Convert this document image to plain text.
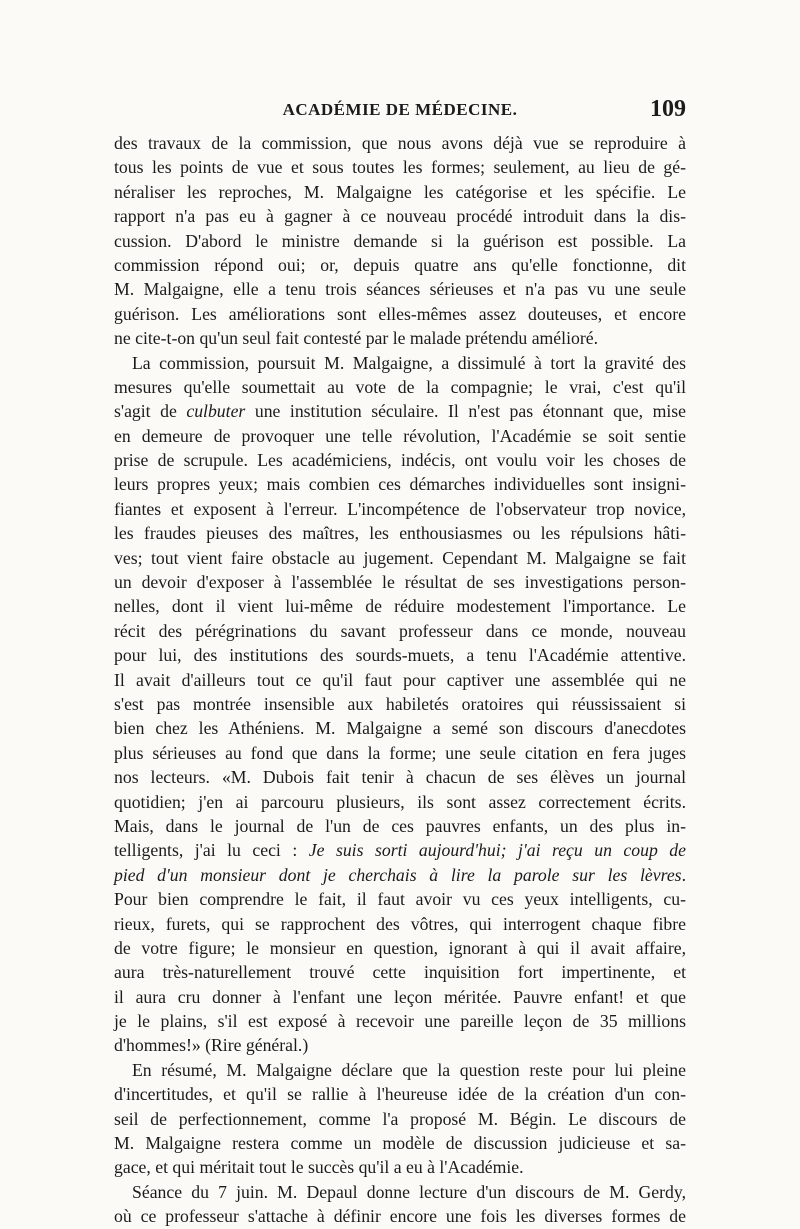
ACADÉMIE DE MÉDECINE.	109
des travaux de la commission, que nous avons déjà vue se reproduire à
tous les points de vue et sous toutes les formes; seulement, au lieu de gé-
néraliser les reproches, M. Malgaigne les catégorise et les spécifie. Le
rapport n'a pas eu à gagner à ce nouveau procédé introduit dans la dis-
cussion. D'abord le ministre demande si la guérison est possible. La
commission répond oui; or, depuis quatre ans qu'elle fonctionne, dit
M. Malgaigne, elle a tenu trois séances sérieuses et n'a pas vu une seule
guérison. Les améliorations sont elles-mêmes assez douteuses, et encore
ne cite-t-on qu'un seul fait contesté par le malade prétendu amélioré.
La commission, poursuit M. Malgaigne, a dissimulé à tort la gravité des
mesures qu'elle soumettait au vote de la compagnie; le vrai, c'est qu'il
s'agit de culbuter une institution séculaire. Il n'est pas étonnant que, mise
en demeure de provoquer une telle révolution, l'Académie se soit sentie
prise de scrupule. Les académiciens, indécis, ont voulu voir les choses de
leurs propres yeux; mais combien ces démarches individuelles sont insigni-
fiantes et exposent à l'erreur. L'incompétence de l'observateur trop novice,
les fraudes pieuses des maîtres, les enthousiasmes ou les répulsions hâti-
ves; tout vient faire obstacle au jugement. Cependant M. Malgaigne se fait
un devoir d'exposer à l'assemblée le résultat de ses investigations person-
nelles, dont il vient lui-même de réduire modestement l'importance. Le
récit des pérégrinations du savant professeur dans ce monde, nouveau
pour lui, des institutions des sourds-muets, a tenu l'Académie attentive.
Il avait d'ailleurs tout ce qu'il faut pour captiver une assemblée qui ne
s'est pas montrée insensible aux habiletés oratoires qui réussissaient si
bien chez les Athéniens. M. Malgaigne a semé son discours d'anecdotes
plus sérieuses au fond que dans la forme; une seule citation en fera juges
nos lecteurs. «M. Dubois fait tenir à chacun de ses élèves un journal
quotidien; j'en ai parcouru plusieurs, ils sont assez correctement écrits.
Mais, dans le journal de l'un de ces pauvres enfants, un des plus in-
telligents, j'ai lu ceci : Je suis sorti aujourd'hui; j'ai reçu un coup de
pied d'un monsieur dont je cherchais à lire la parole sur les lèvres.
Pour bien comprendre le fait, il faut avoir vu ces yeux intelligents, cu-
rieux, furets, qui se rapprochent des vôtres, qui interrogent chaque fibre
de votre figure; le monsieur en question, ignorant à qui il avait affaire,
aura très-naturellement trouvé cette inquisition fort impertinente, et
il aura cru donner à l'enfant une leçon méritée. Pauvre enfant! et que
je le plains, s'il est exposé à recevoir une pareille leçon de 35 millions
d'hommes!» (Rire général.)
En résumé, M. Malgaigne déclare que la question reste pour lui pleine
d'incertitudes, et qu'il se rallie à l'heureuse idée de la création d'un con-
seil de perfectionnement, comme l'a proposé M. Bégin. Le discours de
M. Malgaigne restera comme un modèle de discussion judicieuse et sa-
gace, et qui méritait tout le succès qu'il a eu à l'Académie.
Séance du 7 juin. M. Depaul donne lecture d'un discours de M. Gerdy,
où ce professeur s'attache à définir encore une fois les diverses formes de
